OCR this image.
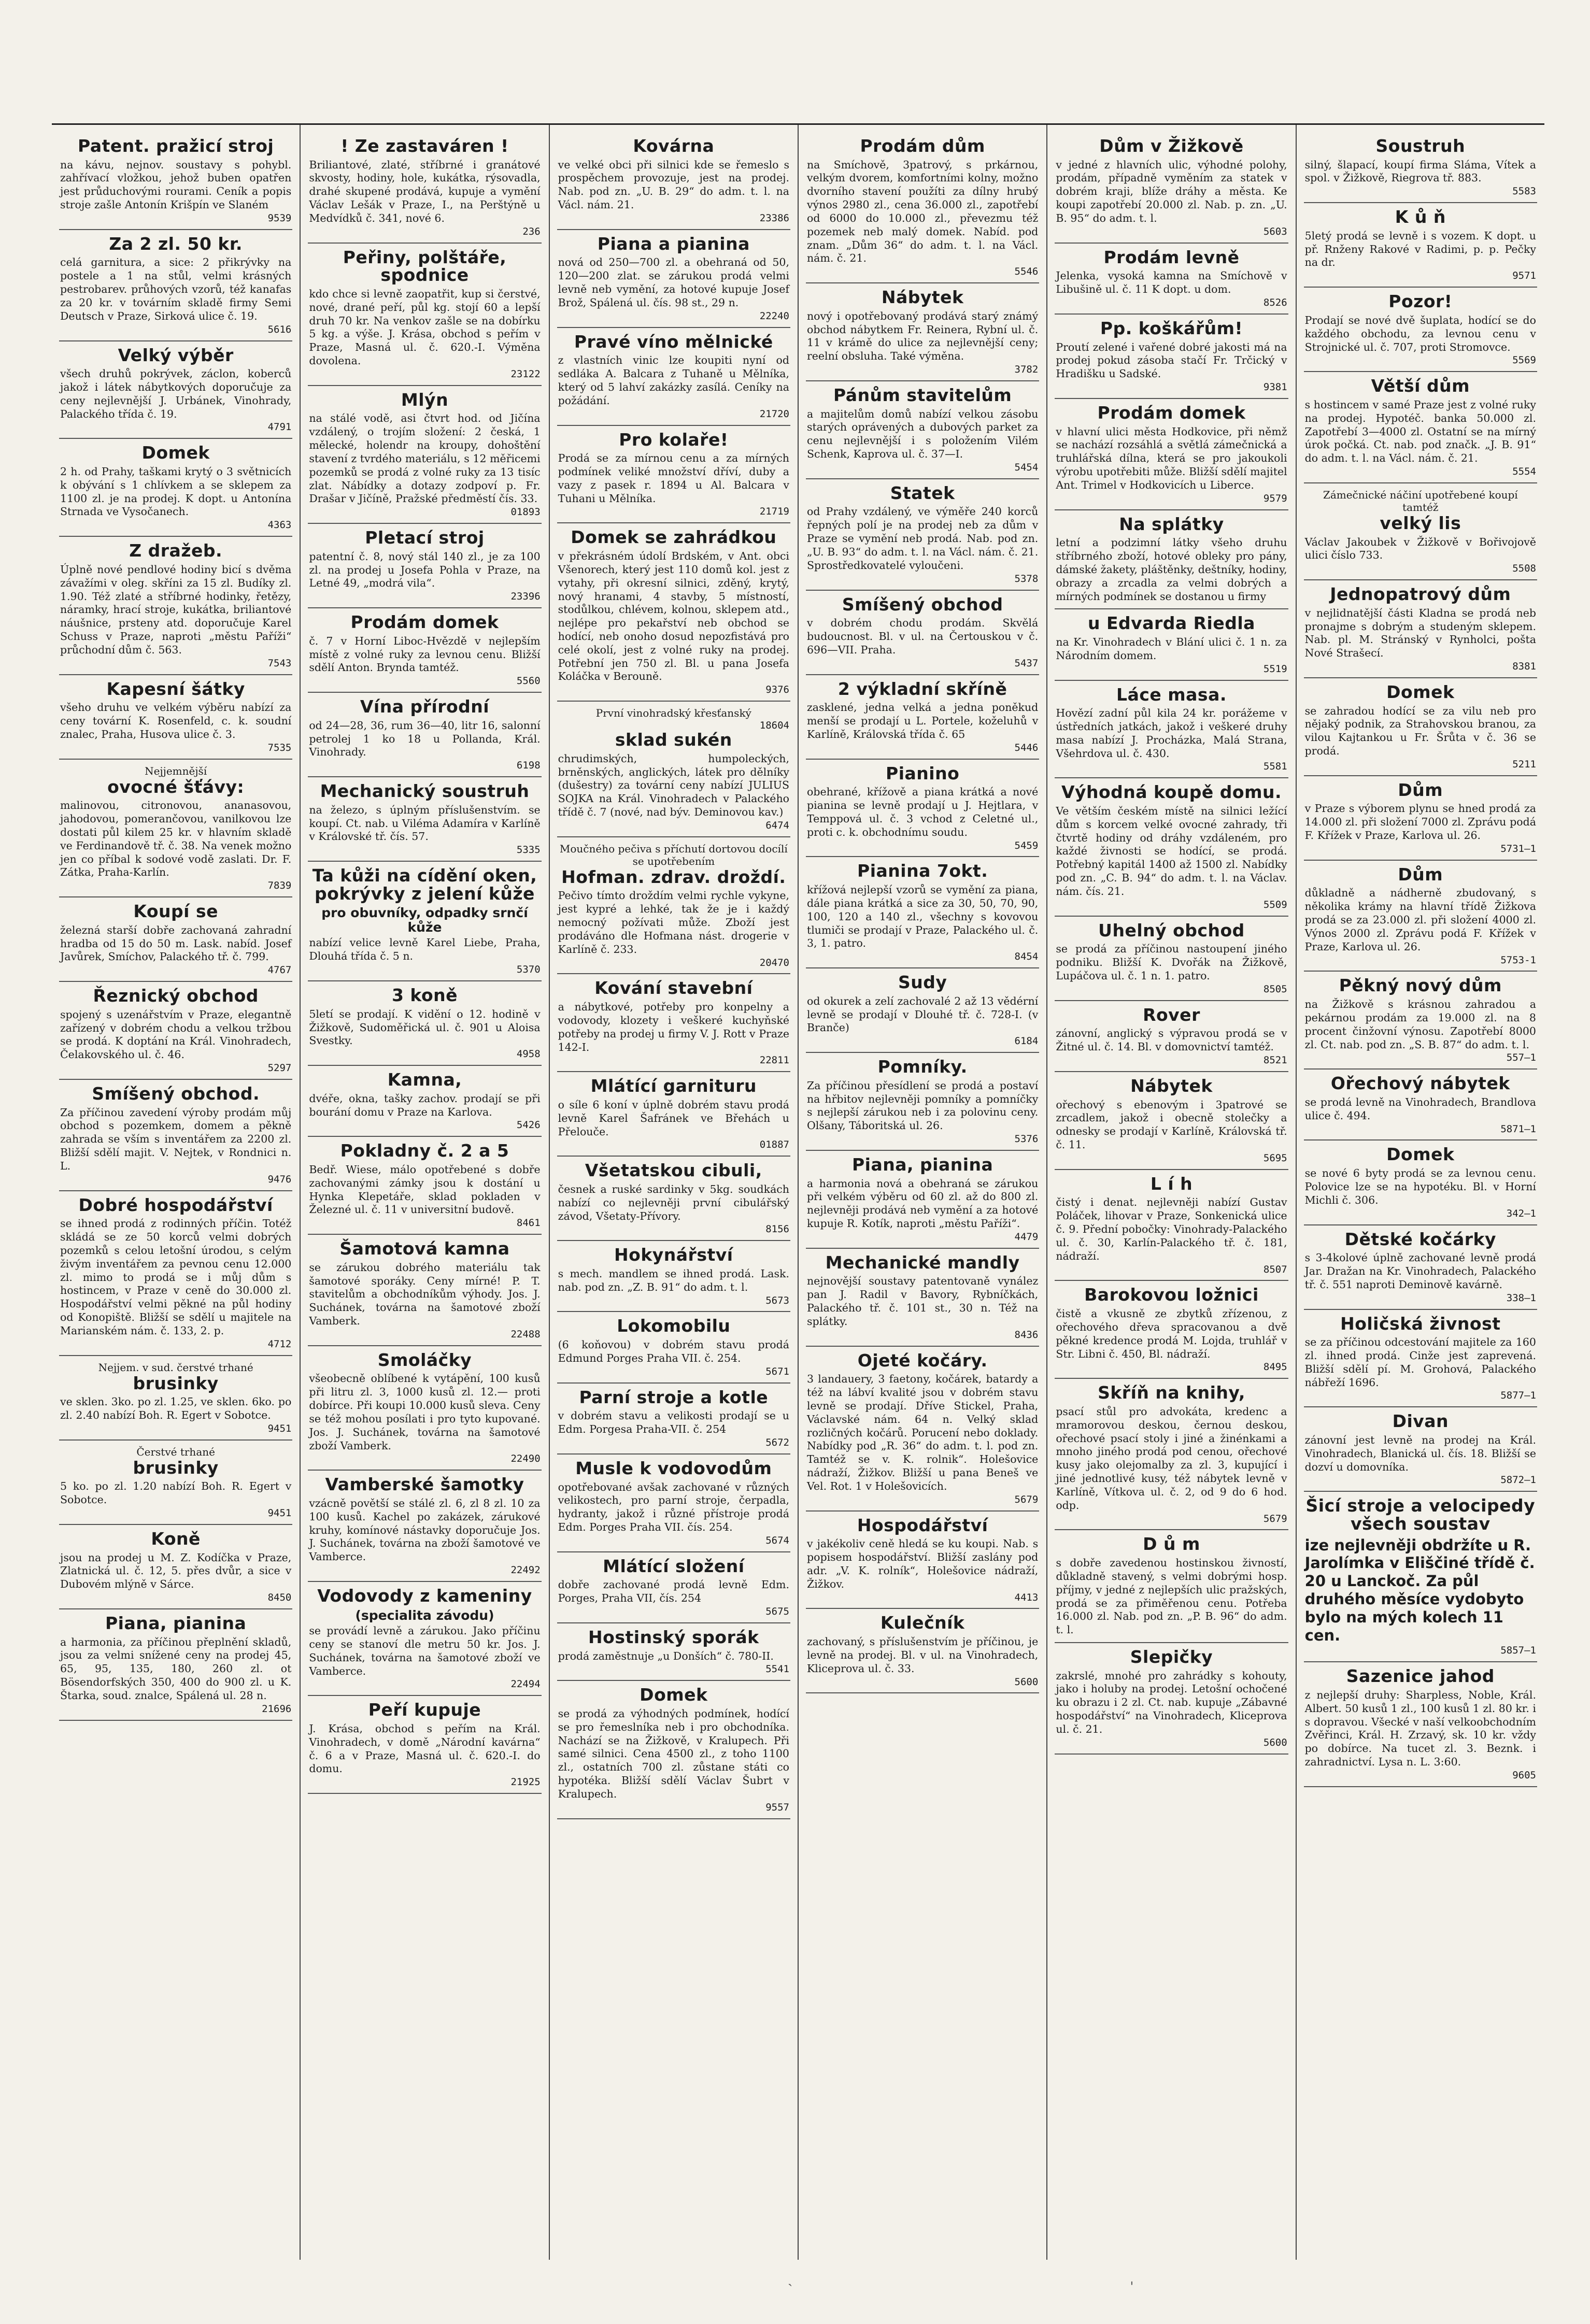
Patent. pražicí stroj

na kávu, nejnov. soustavy s pohybl. zahřívací vložkou, jehož buben opatřen jest průduchovými rourami. Ceník a popis stroje zašle Antonín Krišpín ve Slaném

9539
Za 2 zl. 50 kr.

celá garnitura, a sice: 2 přikrývky na postele a 1 na stůl, velmi krásných pestrobarev. průhových vzorů, též kanafas za 20 kr. v továrním skladě firmy Semi Deutsch v Praze, Sirková ulice č. 19.

5616
Velký výběr

všech druhů pokrývek, záclon, koberců jakož i látek nábytkových doporučuje za ceny nejlevnější J. Urbánek, Vinohrady, Palackého třída č. 19.

4791
Domek

2 h. od Prahy, taškami krytý o 3 světnicích k obývání s 1 chlívkem a se sklepem za 1100 zl. je na prodej. K dopt. u Antonína Strnada ve Vysočanech.

4363
Z dražeb.

Úplně nové pendlové hodiny bicí s dvěma závažími v oleg. skříni za 15 zl. Budíky zl. 1.90. Též zlaté a stříbrné hodinky, řetězy, náramky, hrací stroje, kukátka, briliantové náušnice, prsteny atd. doporučuje Karel Schuss v Praze, naproti „městu Paříži“ průchodní dům č. 563.

7543
Kapesní šátky

všeho druhu ve velkém výběru nabízí za ceny tovární K. Rosenfeld, c. k. soudní znalec, Praha, Husova ulice č. 3.

7535
Nejjemnější
ovocné šťávy:

malinovou, citronovou, ananasovou, jahodovou, pomerančovou, vanilkovou lze dostati půl kilem 25 kr. v hlavním skladě ve Ferdinandově tř. č. 38. Na venek možno jen co příbal k sodové vodě zaslati. Dr. F. Zátka, Praha-Karlín.

7839
Koupí se

železná starší dobře zachovaná zahradní hradba od 15 do 50 m. Lask. nabíd. Josef Javůrek, Smíchov, Palackého tř. č. 799.

4767
Řeznický obchod

spojený s uzenářstvím v Praze, elegantně zařízený v dobrém chodu a velkou tržbou se prodá. K doptání na Král. Vinohradech, Čelakovského ul. č. 46.

5297
Smíšený obchod.

Za příčinou zavedení výroby prodám můj obchod s pozemkem, domem a pěkně zahrada se vším s inventářem za 2200 zl. Bližší sdělí majit. V. Nejtek, v Rondnici n. L.

9476
Dobré hospodářství

se ihned prodá z rodinných příčin. Totéž skládá se ze 50 korců velmi dobrých pozemků s celou letošní úrodou, s celým živým inventářem za pevnou cenu 12.000 zl. mimo to prodá se i můj dům s hostincem, v Praze v ceně do 30.000 zl. Hospodářství velmi pěkné na půl hodiny od Konopiště. Bližší se sdělí u majitele na Marianském nám. č. 133, 2. p.

4712
Nejjem. v sud. čerstvé trhané
brusinky

ve sklen. 3ko. po zl. 1.25, ve sklen. 6ko. po zl. 2.40 nabízí Boh. R. Egert v Sobotce.

9451
Čerstvé trhané
brusinky

5 ko. po zl. 1.20 nabízí Boh. R. Egert v Sobotce.

9451
Koně

jsou na prodej u M. Z. Kodíčka v Praze, Zlatnická ul. č. 12, 5. přes dvůr, a sice v Dubovém mlýně v Sárce.

8450
Piana, pianina

a harmonia, za příčinou přeplnění skladů, jsou za velmi snížené ceny na prodej 45, 65, 95, 135, 180, 260 zl. ot Bösendorfských 350, 400 do 900 zl. u K. Štarka, soud. znalce, Spálená ul. 28 n.

21696
! Ze zastaváren !

Briliantové, zlaté, stříbrné i granátové skvosty, hodiny, hole, kukátka, rýsovadla, drahé skupené prodává, kupuje a vymění Václav Lešák v Praze, I., na Perštýně u Medvídků č. 341, nové 6.

236
Peřiny, polštáře, spodnice

kdo chce si levně zaopatřit, kup si čerstvé, nové, drané peří, půl kg. stojí 60 a lepší druh 70 kr. Na venkov zašle se na dobírku 5 kg. a výše. J. Krása, obchod s peřím v Praze, Masná ul. č. 620.-I. Výměna dovolena.

23122
Mlýn

na stálé vodě, asi čtvrt hod. od Jičína vzdálený, o trojím složení: 2 česká, 1 mělecké, holendr na kroupy, dohoštění stavení z tvrdého materiálu, s 12 měřicemi pozemků se prodá z volné ruky za 13 tisíc zlat. Nábídky a dotazy zodpoví p. Fr. Drašar v Jičíně, Pražské předměstí čís. 33.

01893
Pletací stroj

patentní č. 8, nový stál 140 zl., je za 100 zl. na prodej u Josefa Pohla v Praze, na Letné 49, „modrá vila“.

23396
Prodám domek

č. 7 v Horní Liboc-Hvězdě v nejlepším místě z volné ruky za levnou cenu. Bližší sdělí Anton. Brynda tamtéž.

5560
Vína přírodní

od 24—28, 36, rum 36—40, litr 16, salonní petrolej 1 ko 18 u Pollanda, Král. Vinohrady.

6198
Mechanický soustruh

na železo, s úplným příslušenstvím. se koupí. Ct. nab. u Viléma Adamíra v Karlíně v Královské tř. čís. 57.

5335
Ta kůži na cídění oken, pokrývky z jelení kůže
pro obuvníky, odpadky srnčí kůže

nabízí velice levně Karel Liebe, Praha, Dlouhá třída č. 5 n.

5370
3 koně

5letí se prodají. K vidění o 12. hodině v Žižkově, Sudoměřická ul. č. 901 u Aloisa Svestky.

4958
Kamna,

dvéře, okna, tašky zachov. prodají se při bourání domu v Praze na Karlova.

5426
Pokladny č. 2 a 5

Bedř. Wiese, málo opotřebené s dobře zachovanými zámky jsou k dostání u Hynka Klepetáře, sklad pokladen v Železné ul. č. 11 v universitní budově.

8461
Šamotová kamna

se zárukou dobrého materiálu tak šamotové sporáky. Ceny mírné! P. T. stavitelům a obchodníkům výhody. Jos. J. Suchánek, továrna na šamotové zboží Vamberk.

22488
Smoláčky

všeobecně oblíbené k vytápění, 100 kusů při litru zl. 3, 1000 kusů zl. 12.— proti dobírce. Při koupi 10.000 kusů sleva. Ceny se též mohou posílati i pro tyto kupované. Jos. J. Suchánek, továrna na šamotové zboží Vamberk.

22490
Vamberské šamotky

vzácně povětší se stálé zl. 6, zl 8 zl. 10 za 100 kusů. Kachel po zakázek, zárukové kruhy, komínové nástavky doporučuje Jos. J. Suchánek, továrna na zboží šamotové ve Vamberce.

22492
Vodovody z kameniny
(specialita závodu)

se provádí levně a zárukou. Jako příčinu ceny se stanoví dle metru 50 kr. Jos. J. Suchánek, továrna na šamotové zboží ve Vamberce.

22494
Peří kupuje

J. Krása, obchod s peřím na Král. Vinohradech, v domě „Národní kavárna“ č. 6 a v Praze, Masná ul. č. 620.-I. do domu.

21925
Kovárna

ve velké obci při silnici kde se řemeslo s prospěchem provozuje, jest na prodej. Nab. pod zn. „U. B. 29“ do adm. t. l. na Václ. nám. 21.

23386
Piana a pianina

nová od 250—700 zl. a obehraná od 50, 120—200 zlat. se zárukou prodá velmi levně neb vymění, za hotové kupuje Josef Brož, Spálená ul. čís. 98 st., 29 n.

22240
Pravé víno mělnické

z vlastních vinic lze koupiti nyní od sedláka A. Balcara z Tuhaně u Mělníka, který od 5 lahví zakázky zasílá. Ceníky na požádání.

21720
Pro kolaře!

Prodá se za mírnou cenu a za mírných podmínek veliké množství dříví, duby a vazy z pasek r. 1894 u Al. Balcara v Tuhani u Mělníka.

21719
Domek se zahrádkou

v překrásném údolí Brdském, v Ant. obci Všenorech, který jest 110 domů kol. jest z vytahy, při okresní silnici, zděný, krytý, nový hranami, 4 stavby, 5 místností, stodůlkou, chlévem, kolnou, sklepem atd., nejlépe pro pekařství neb obchod se hodící, neb onoho dosud nepozfistává pro celé okolí, jest z volné ruky na prodej. Potřební jen 750 zl. Bl. u pana Josefa Koláčka v Berouně.

9376
První vinohradský křesťanský
18604
sklad sukén

chrudimských, humpoleckých, brněnských, anglických, látek pro dělníky (dušestry) za tovární ceny nabízí JULIUS SOJKA na Král. Vinohradech v Palackého třídě č. 7 (nové, nad býv. Deminovou kav.)

6474
Moučného pečiva s příchutí dortovou docílí se upotřebením
Hofman. zdrav. droždí.

Pečivo tímto droždím velmi rychle vykyne, jest kypré a lehké, tak že je i každý nemocný požívati může. Zboží jest prodáváno dle Hofmana nást. drogerie v Karlíně č. 233.

20470
Kování stavební

a nábytkové, potřeby pro konpelny a vodovody, klozety i veškeré kuchyňské potřeby na prodej u firmy V. J. Rott v Praze 142-I.

22811
Mlátící garnituru

o síle 6 koní v úplně dobrém stavu prodá levně Karel Šafránek ve Břehách u Přelouče.

01887
Všetatskou cibuli,

česnek a ruské sardinky v 5kg. soudkách nabízí co nejlevněji první cibulářský závod, Všetaty-Přívory.

8156
Hokynářství

s mech. mandlem se ihned prodá. Lask. nab. pod zn. „Z. B. 91“ do adm. t. l.

5673
Lokomobilu

(6 koňovou) v dobrém stavu prodá Edmund Porges Praha VII. č. 254.

5671
Parní stroje a kotle

v dobrém stavu a velikosti prodají se u Edm. Porgesa Praha-VII. č. 254

5672
Musle k vodovodům

opotřebované avšak zachované v různých velikostech, pro parní stroje, čerpadla, hydranty, jakož i různé přístroje prodá Edm. Porges Praha VII. čís. 254.

5674
Mlátící složení

dobře zachované prodá levně Edm. Porges, Praha VII, čís. 254

5675
Hostinský sporák

prodá zaměstnuje „u Donších“ č. 780-II.

5541
Domek

se prodá za výhodných podmínek, hodící se pro řemeslníka neb i pro obchodníka. Nachází se na Žižkově, v Kralupech. Při samé silnici. Cena 4500 zl., z toho 1100 zl., ostatních 700 zl. zůstane státi co hypotéka. Bližší sdělí Václav Šubrt v Kralupech.

9557
Prodám dům

na Smíchově, 3patrový, s prkárnou, velkým dvorem, komfortními kolny, možno dvorního stavení použíti za dílny hrubý výnos 2980 zl., cena 36.000 zl., zapotřebí od 6000 do 10.000 zl., převezmu též pozemek neb malý domek. Nabíd. pod znam. „Dům 36“ do adm. t. l. na Václ. nám. č. 21.

5546
Nábytek

nový i opotřebovaný prodává starý známý obchod nábytkem Fr. Reinera, Rybní ul. č. 11 v krámě do ulice za nejlevnější ceny; reelní obsluha. Také výměna.

3782
Pánům stavitelům

a majitelům domů nabízí velkou zásobu starých oprávených a dubových parket za cenu nejlevnější i s položením Vilém Schenk, Kaprova ul. č. 37—I.

5454
Statek

od Prahy vzdálený, ve výměře 240 korců řepných polí je na prodej neb za dům v Praze se vymění neb prodá. Nab. pod zn. „U. B. 93“ do adm. t. l. na Václ. nám. č. 21. Sprostředkovatelé vyloučeni.

5378
Smíšený obchod

v dobrém chodu prodám. Skvělá budoucnost. Bl. v ul. na Čertouskou v č. 696—VII. Praha.

5437
2 výkladní skříně

zasklené, jedna velká a jedna poněkud menší se prodají u L. Portele, koželuhů v Karlíně, Královská třída č. 65

5446
Pianino

obehrané, křížově a piana krátká a nové pianina se levně prodají u J. Hejtlara, v Temppová ul. č. 3 vchod z Celetné ul., proti c. k. obchodnímu soudu.

5459
Pianina 7okt.

křížová nejlepší vzorů se vymění za piana, dále piana krátká a sice za 30, 50, 70, 90, 100, 120 a 140 zl., všechny s kovovou tlumiči se prodají v Praze, Palackého ul. č. 3, 1. patro.

8454
Sudy

od okurek a zelí zachovalé 2 až 13 vědérní levně se prodají v Dlouhé tř. č. 728-I. (v Branče)

6184
Pomníky.

Za příčinou přesídlení se prodá a postaví na hřbitov nejlevněji pomníky a pomníčky s nejlepší zárukou neb i za polovinu ceny. Olšany, Táboritská ul. 26.

5376
Piana, pianina

a harmonia nová a obehraná se zárukou při velkém výběru od 60 zl. až do 800 zl. nejlevněji prodává neb vymění a za hotové kupuje R. Kotík, naproti „městu Paříži“.

4479
Mechanické mandly

nejnovější soustavy patentovaně vynález pan J. Radil v Bavory, Rybníčkách, Palackého tř. č. 101 st., 30 n. Též na splátky.

8436
Ojeté kočáry.

3 landauery, 3 faetony, kočárek, batardy a též na lábví kvalité jsou v dobrém stavu levně se prodají. Dříve Stickel, Praha, Václavské nám. 64 n. Velký sklad rozličných kočárů. Porucení nebo doklady. Nabídky pod „R. 36“ do adm. t. l. pod zn. Tamtéž se v. K. rolnik“. Holešovice nádraží, Žižkov. Bližší u pana Beneš ve Vel. Rot. 1 v Holešovicích.

5679
Hospodářství

v jakékoliv ceně hledá se ku koupi. Nab. s popisem hospodářství. Bližší zaslány pod adr. „V. K. rolník“, Holešovice nádraží, Žižkov.

4413
Kulečník

zachovaný, s příslušenstvím je příčinou, je levně na prodej. Bl. v ul. na Vinohradech, Kliceprova ul. č. 33.

5600
Dům v Žižkově

v jedné z hlavních ulic, výhodné polohy, prodám, případně vyměním za statek v dobrém kraji, blíže dráhy a města. Ke koupi zapotřebí 20.000 zl. Nab. p. zn. „U. B. 95“ do adm. t. l.

5603
Prodám levně

Jelenka, vysoká kamna na Smíchově v Libušině ul. č. 11 K dopt. u dom.

8526
Pp. koškářům!

Proutí zelené i vařené dobré jakosti má na prodej pokud zásoba stačí Fr. Trčický v Hradišku u Sadské.

9381
Prodám domek

v hlavní ulici města Hodkovice, při němž se nachází rozsáhlá a světlá zámečnická a truhlářská dílna, která se pro jakoukoli výrobu upotřebiti může. Bližší sdělí majitel Ant. Trimel v Hodkovicích u Liberce.

9579
Na splátky

letní a podzimní látky všeho druhu stříbrného zboží, hotové obleky pro pány, dámské žakety, pláštěnky, deštníky, hodiny, obrazy a zrcadla za velmi dobrých a mírných podmínek se dostanou u firmy

u Edvarda Riedla

na Kr. Vinohradech v Blání ulici č. 1 n. za Národním domem.

5519
Láce masa.

Hovězí zadní půl kila 24 kr. porážeme v ústředních jatkách, jakož i veškeré druhy masa nabízí J. Procházka, Malá Strana, Všehrdova ul. č. 430.

5581
Výhodná koupě domu.

Ve větším českém místě na silnici ležící dům s korcem velké ovocné zahrady, tři čtvrtě hodiny od dráhy vzdáleném, pro každé živnosti se hodící, se prodá. Potřebný kapitál 1400 až 1500 zl. Nabídky pod zn. „C. B. 94“ do adm. t. l. na Václav. nám. čís. 21.

5509
Uhelný obchod

se prodá za příčinou nastoupení jiného podniku. Bližší K. Dvořák na Žižkově, Lupáčova ul. č. 1 n. 1. patro.

8505
Rover

zánovní, anglický s výpravou prodá se v Žitné ul. č. 14. Bl. v domovnictví tamtéž.

8521
Nábytek

ořechový s ebenovým i 3patrové se zrcadlem, jakož i obecně stolečky a odnesky se prodají v Karlíně, Královská tř. č. 11.

5695
L í h

čistý i denat. nejlevněji nabízí Gustav Poláček, lihovar v Praze, Sonkenická ulice č. 9. Přední pobočky: Vinohrady-Palackého ul. č. 30, Karlín-Palackého tř. č. 181, nádraží.

8507
Barokovou ložnici

čistě a vkusně ze zbytků zřízenou, z ořechového dřeva spracovanou a dvě pěkné kredence prodá M. Lojda, truhlář v Str. Libni č. 450, Bl. nádraží.

8495
Skříň na knihy,

psací stůl pro advokáta, kredenc a mramorovou deskou, černou deskou, ořechové psací stoly i jiné a žinénkami a mnoho jiného prodá pod cenou, ořechové kusy jako olejomalby za zl. 3, kupující i jiné jednotlivé kusy, též nábytek levně v Karlíně, Vítkova ul. č. 2, od 9 do 6 hod. odp.

5679
D ů m

s dobře zavedenou hostinskou živností, důkladně stavený, s velmi dobrými hosp. příjmy, v jedné z nejlepších ulic pražských, prodá se za přiměřenou cenu. Potřeba 16.000 zl. Nab. pod zn. „P. B. 96“ do adm. t. l.

Slepičky

zakrslé, mnohé pro zahrádky s kohouty, jako i holuby na prodej. Letošní ochočené ku obrazu i 2 zl. Ct. nab. kupuje „Zábavné hospodářství“ na Vinohradech, Kliceprova ul. č. 21.

5600
Soustruh

silný, šlapací, koupí firma Sláma, Vítek a spol. v Žižkově, Riegrova tř. 883.

5583
K ů ň

5letý prodá se levně i s vozem. K dopt. u př. Rnženy Rakové v Radimi, p. p. Pečky na dr.

9571
Pozor!

Prodají se nové dvě šuplata, hodící se do každého obchodu, za levnou cenu v Strojnické ul. č. 707, proti Stromovce.

5569
Větší dům

s hostincem v samé Praze jest z volné ruky na prodej. Hypotéč. banka 50.000 zl. Zapotřebí 3—4000 zl. Ostatní se na mírný úrok počká. Ct. nab. pod značk. „J. B. 91“ do adm. t. l. na Václ. nám. č. 21.

5554
Zámečnické náčiní upotřebené koupí tamtéž
velký lis

Václav Jakoubek v Žižkově v Bořivojově ulici číslo 733.

5508
Jednopatrový dům

v nejlidnatější části Kladna se prodá neb pronajme s dobrým a studeným sklepem. Nab. pl. M. Stránský v Rynholci, pošta Nové Strašecí.

8381
Domek

se zahradou hodící se za vilu neb pro nějaký podnik, za Strahovskou branou, za vilou Kajtankou u Fr. Šrůta v č. 36 se prodá.

5211
Dům

v Praze s výborem plynu se hned prodá za 14.000 zl. při složení 7000 zl. Zprávu podá F. Křížek v Praze, Karlova ul. 26.

5731—1
Dům

důkladně a nádherně zbudovaný, s několika krámy na hlavní třídě Žižkova prodá se za 23.000 zl. při složení 4000 zl. Výnos 2000 zl. Zprávu podá F. Křížek v Praze, Karlova ul. 26.

5753-1
Pěkný nový dům

na Žižkově s krásnou zahradou a pekárnou prodám za 19.000 zl. na 8 procent činžovní výnosu. Zapotřebí 8000 zl. Ct. nab. pod zn. „S. B. 87“ do adm. t. l.

557—1
Ořechový nábytek

se prodá levně na Vinohradech, Brandlova ulice č. 494.

5871—1
Domek

se nové 6 byty prodá se za levnou cenu. Polovice lze se na hypotéku. Bl. v Horní Michli č. 306.

342—1
Dětské kočárky

s 3-4kolové úplně zachované levně prodá Jar. Dražan na Kr. Vinohradech, Palackého tř. č. 551 naproti Deminově kavárně.

338—1
Holičská živnost

se za příčinou odcestování majitele za 160 zl. ihned prodá. Cinže jest zaprevená. Bližší sdělí pí. M. Grohová, Palackého nábřeží 1696.

5877—1
Divan

zánovní jest levně na prodej na Král. Vinohradech, Blanická ul. čís. 18. Bližší se dozví u domovníka.

5872—1
Šicí stroje a velocipedy všech soustav

ize nejlevněji obdržíte u R. Jarolímka v Eliščiné třídě č. 20 u Lanckoč. Za půl druhého měsíce vydobyto bylo na mých kolech 11 cen.

5857—1
Sazenice jahod

z nejlepší druhy: Sharpless, Noble, Král. Albert. 50 kusů 1 zl., 100 kusů 1 zl. 80 kr. i s dopravou. Všecké v naší velkoobchodním Zvěřinci, Král. H. Zrzavý, sk. 10 kr. vždy po dobírce. Na tucet zl. 3. Beznk. i zahradnictví. Lysa n. L. 3:60.

9605
ˎ	ˌ
